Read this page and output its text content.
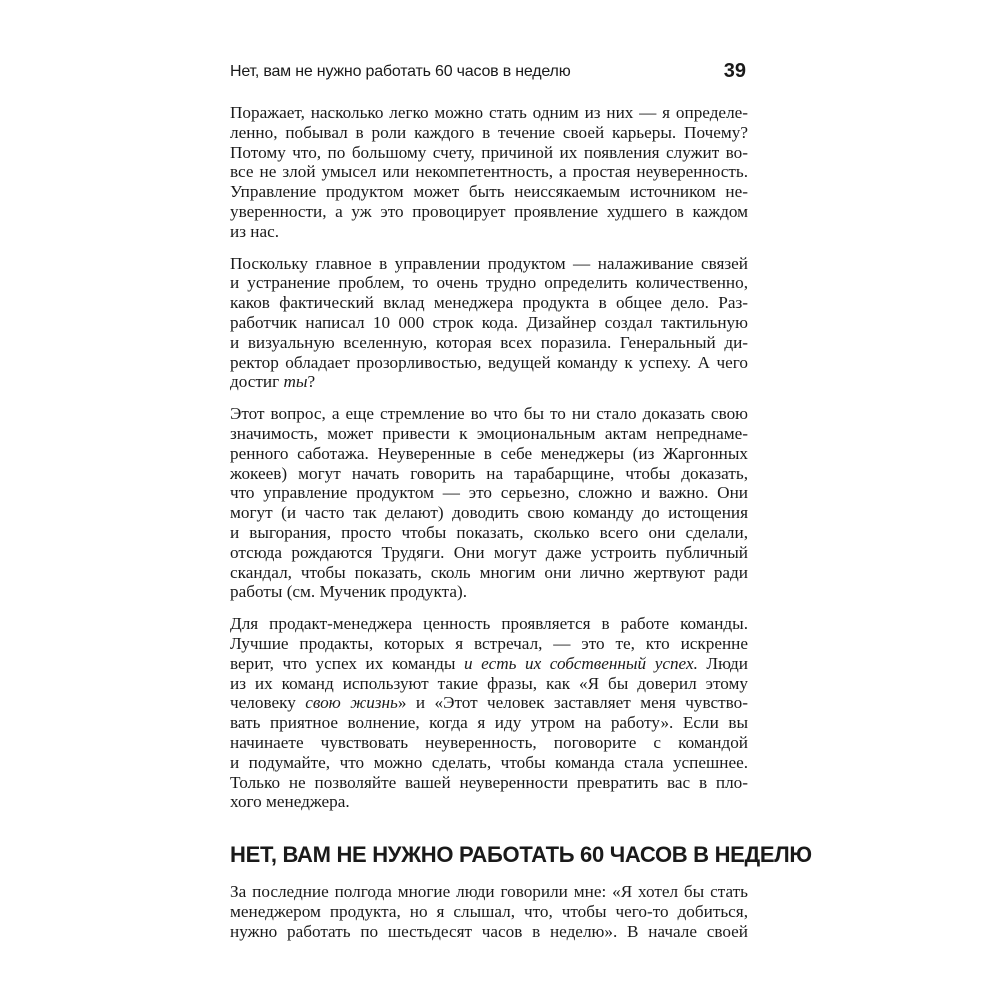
Нет, вам не нужно работать 60 часов в неделю	39

Поражает, насколько легко можно стать одним из них — я определе-
ленно, побывал в роли каждого в течение своей карьеры. Почему?
Потому что, по большому счету, причиной их появления служит во-
все не злой умысел или некомпетентность, а простая неуверенность.
Управление продуктом может быть неиссякаемым источником не-
уверенности, а уж это провоцирует проявление худшего в каждом
из нас.

Поскольку главное в управлении продуктом — налаживание связей
и устранение проблем, то очень трудно определить количественно,
каков фактический вклад менеджера продукта в общее дело. Раз-
работчик написал 10 000 строк кода. Дизайнер создал тактильную
и визуальную вселенную, которая всех поразила. Генеральный ди-
ректор обладает прозорливостью, ведущей команду к успеху. А чего
достиг ты?

Этот вопрос, а еще стремление во что бы то ни стало доказать свою
значимость, может привести к эмоциональным актам непреднаме-
ренного саботажа. Неуверенные в себе менеджеры (из Жаргонных
жокеев) могут начать говорить на тарабарщине, чтобы доказать,
что управление продуктом — это серьезно, сложно и важно. Они
могут (и часто так делают) доводить свою команду до истощения
и выгорания, просто чтобы показать, сколько всего они сделали,
отсюда рождаются Трудяги. Они могут даже устроить публичный
скандал, чтобы показать, сколь многим они лично жертвуют ради
работы (см. Мученик продукта).

Для продакт-менеджера ценность проявляется в работе команды.
Лучшие продакты, которых я встречал, — это те, кто искренне
верит, что успех их команды и есть их собственный успех. Люди
из их команд используют такие фразы, как «Я бы доверил этому
человеку свою жизнь» и «Этот человек заставляет меня чувство-
вать приятное волнение, когда я иду утром на работу». Если вы
начинаете чувствовать неуверенность, поговорите с командой
и подумайте, что можно сделать, чтобы команда стала успешнее.
Только не позволяйте вашей неуверенности превратить вас в пло-
хого менеджера.

НЕТ, ВАМ НЕ НУЖНО РАБОТАТЬ 60 ЧАСОВ В НЕДЕЛЮ

За последние полгода многие люди говорили мне: «Я хотел бы стать
менеджером продукта, но я слышал, что, чтобы чего-то добиться,
нужно работать по шестьдесят часов в неделю». В начале своей
